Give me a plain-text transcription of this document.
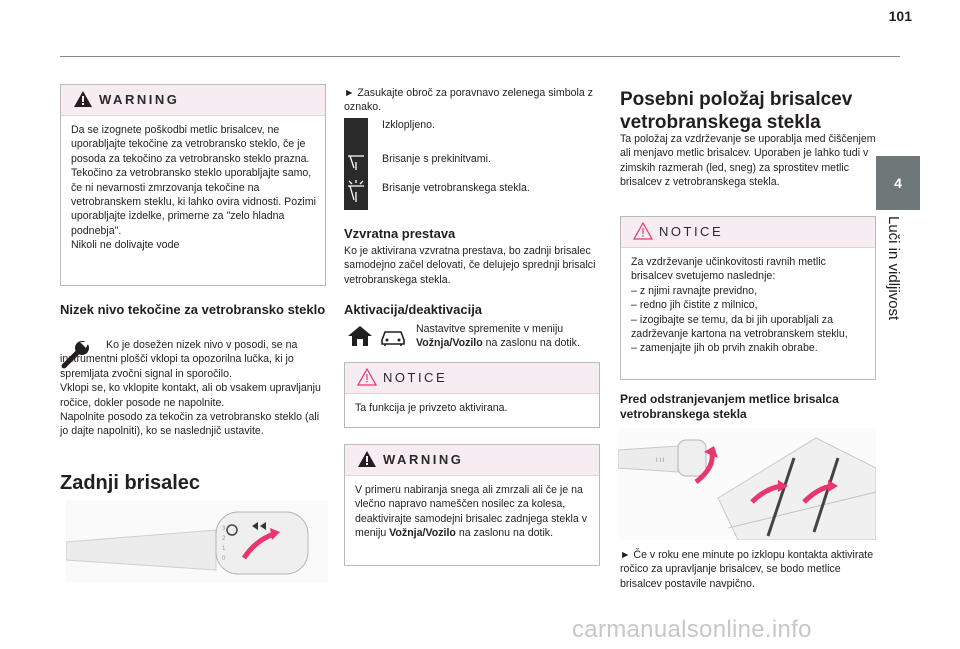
101
4
Luči in vidljivost
WARNING
Da se izognete poškodbi metlic brisalcev, ne uporabljajte tekočine za vetrobransko steklo, če je posoda za tekočino za vetrobransko steklo prazna.
Tekočino za vetrobransko steklo uporabljajte samo, če ni nevarnosti zmrzovanja tekočine na vetrobranskem steklu, ki lahko ovira vidnosti. Pozimi uporabljajte izdelke, primerne za "zelo hladna podnebja".
Nikoli ne dolivajte vode
Nizek nivo tekočine za vetrobransko steklo
Ko je dosežen nizek nivo v posodi, se na instrumentni plošči vklopi ta opozorilna lučka, ki jo spremljata zvočni signal in sporočilo.
Vklopi se, ko vklopite kontakt, ali ob vsakem upravljanju ročice, dokler posode ne napolnite.
Napolnite posodo za tekočin za vetrobransko steklo (ali jo dajte napolniti), ko se naslednjič ustavite.
Zadnji brisalec
3
2
1
0
► Zasukajte obroč za poravnavo zelenega simbola z oznako.
Izklopljeno.
Brisanje s prekinitvami.
Brisanje vetrobranskega stekla.
Vzvratna prestava
Ko je aktivirana vzvratna prestava, bo zadnji brisalec samodejno začel delovati, če delujejo sprednji brisalci vetrobranskega stekla.
Aktivacija/deaktivacija
Nastavitve spremenite v meniju Vožnja/Vozilo na zaslonu na dotik.
NOTICE
Ta funkcija je privzeto aktivirana.
WARNING
V primeru nabiranja snega ali zmrzali ali če je na vlečno napravo nameščen nosilec za kolesa, deaktivirajte samodejni brisalec zadnjega stekla v meniju Vožnja/Vozilo na zaslonu na dotik.
Posebni položaj brisalcev vetrobranskega stekla
Ta položaj za vzdrževanje se uporablja med čiščenjem ali menjavo metlic brisalcev. Uporaben je lahko tudi v zimskih razmerah (led, sneg) za sprostitev metlic brisalcev z vetrobranskega stekla.
NOTICE
Za vzdrževanje učinkovitosti ravnih metlic brisalcev svetujemo naslednje:
– z njimi ravnajte previdno,
– redno jih čistite z milnico,
– izogibajte se temu, da bi jih uporabljali za zadrževanje kartona na vetrobranskem steklu,
– zamenjajte jih ob prvih znakih obrabe.
Pred odstranjevanjem metlice brisalca vetrobranskega stekla
I I I
► Če v roku ene minute po izklopu kontakta aktivirate ročico za upravljanje brisalcev, se bodo metlice brisalcev postavile navpično.
carmanualsonline.info
